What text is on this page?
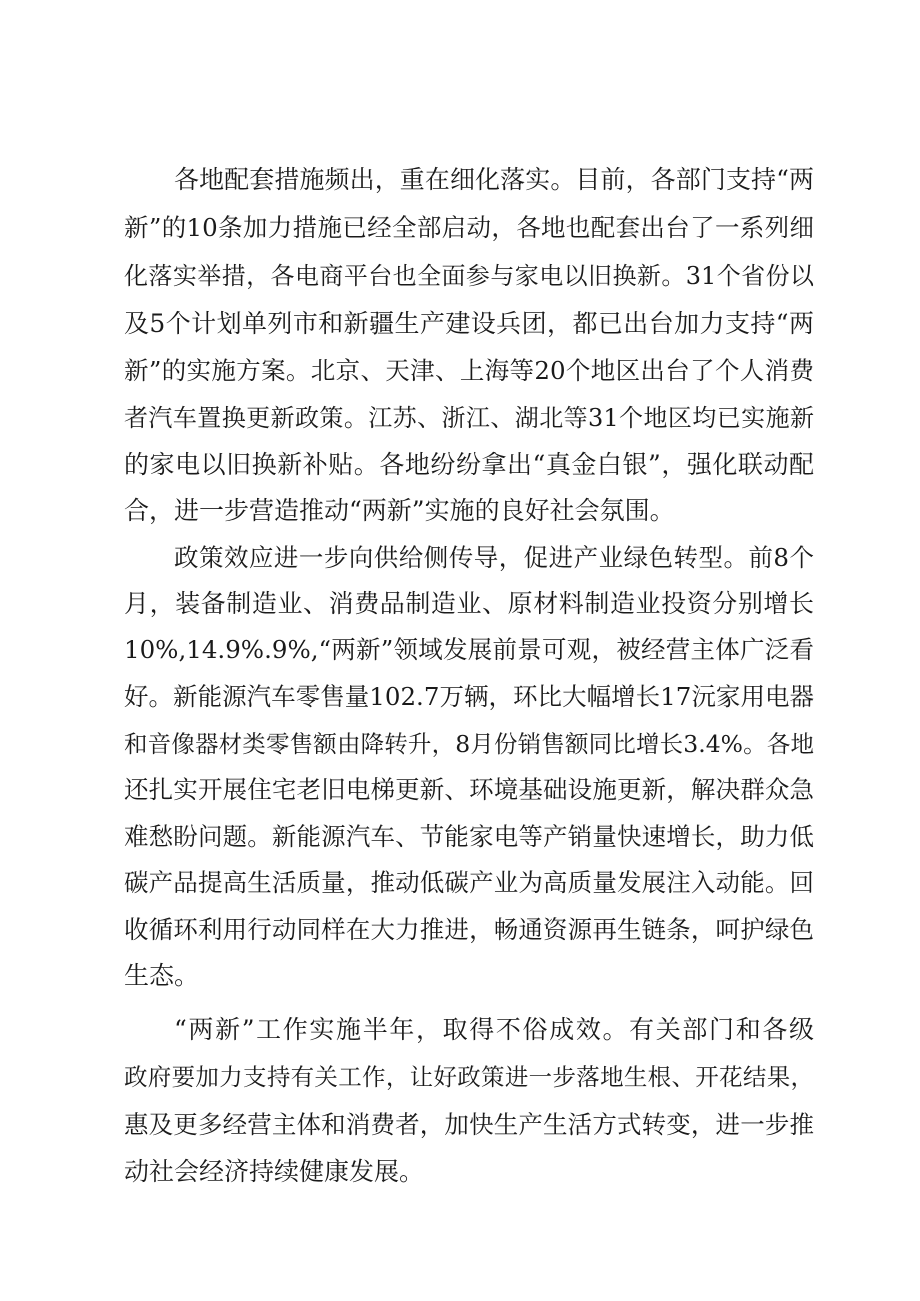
各地配套措施频出，重在细化落实。目前，各部门支持“两
新”的10条加力措施已经全部启动，各地也配套出台了一系列细
化落实举措，各电商平台也全面参与家电以旧换新。31个省份以
及5个计划单列市和新疆生产建设兵团，都已出台加力支持“两
新”的实施方案。北京、天津、上海等20个地区出台了个人消费
者汽车置换更新政策。江苏、浙江、湖北等31个地区均已实施新
的家电以旧换新补贴。各地纷纷拿出“真金白银”，强化联动配
合，进一步营造推动“两新”实施的良好社会氛围。
政策效应进一步向供给侧传导，促进产业绿色转型。前8个
月，装备制造业、消费品制造业、原材料制造业投资分别增长
10%,14.9%.9%,“两新”领域发展前景可观，被经营主体广泛看
好。新能源汽车零售量102.7万辆，环比大幅增长17沅家用电器
和音像器材类零售额由降转升，8月份销售额同比增长3.4%。各地
还扎实开展住宅老旧电梯更新、环境基础设施更新，解决群众急
难愁盼问题。新能源汽车、节能家电等产销量快速增长，助力低
碳产品提高生活质量，推动低碳产业为高质量发展注入动能。回
收循环利用行动同样在大力推进，畅通资源再生链条，呵护绿色
生态。
“两新”工作实施半年，取得不俗成效。有关部门和各级
政府要加力支持有关工作，让好政策进一步落地生根、开花结果，
惠及更多经营主体和消费者，加快生产生活方式转变，进一步推
动社会经济持续健康发展。
